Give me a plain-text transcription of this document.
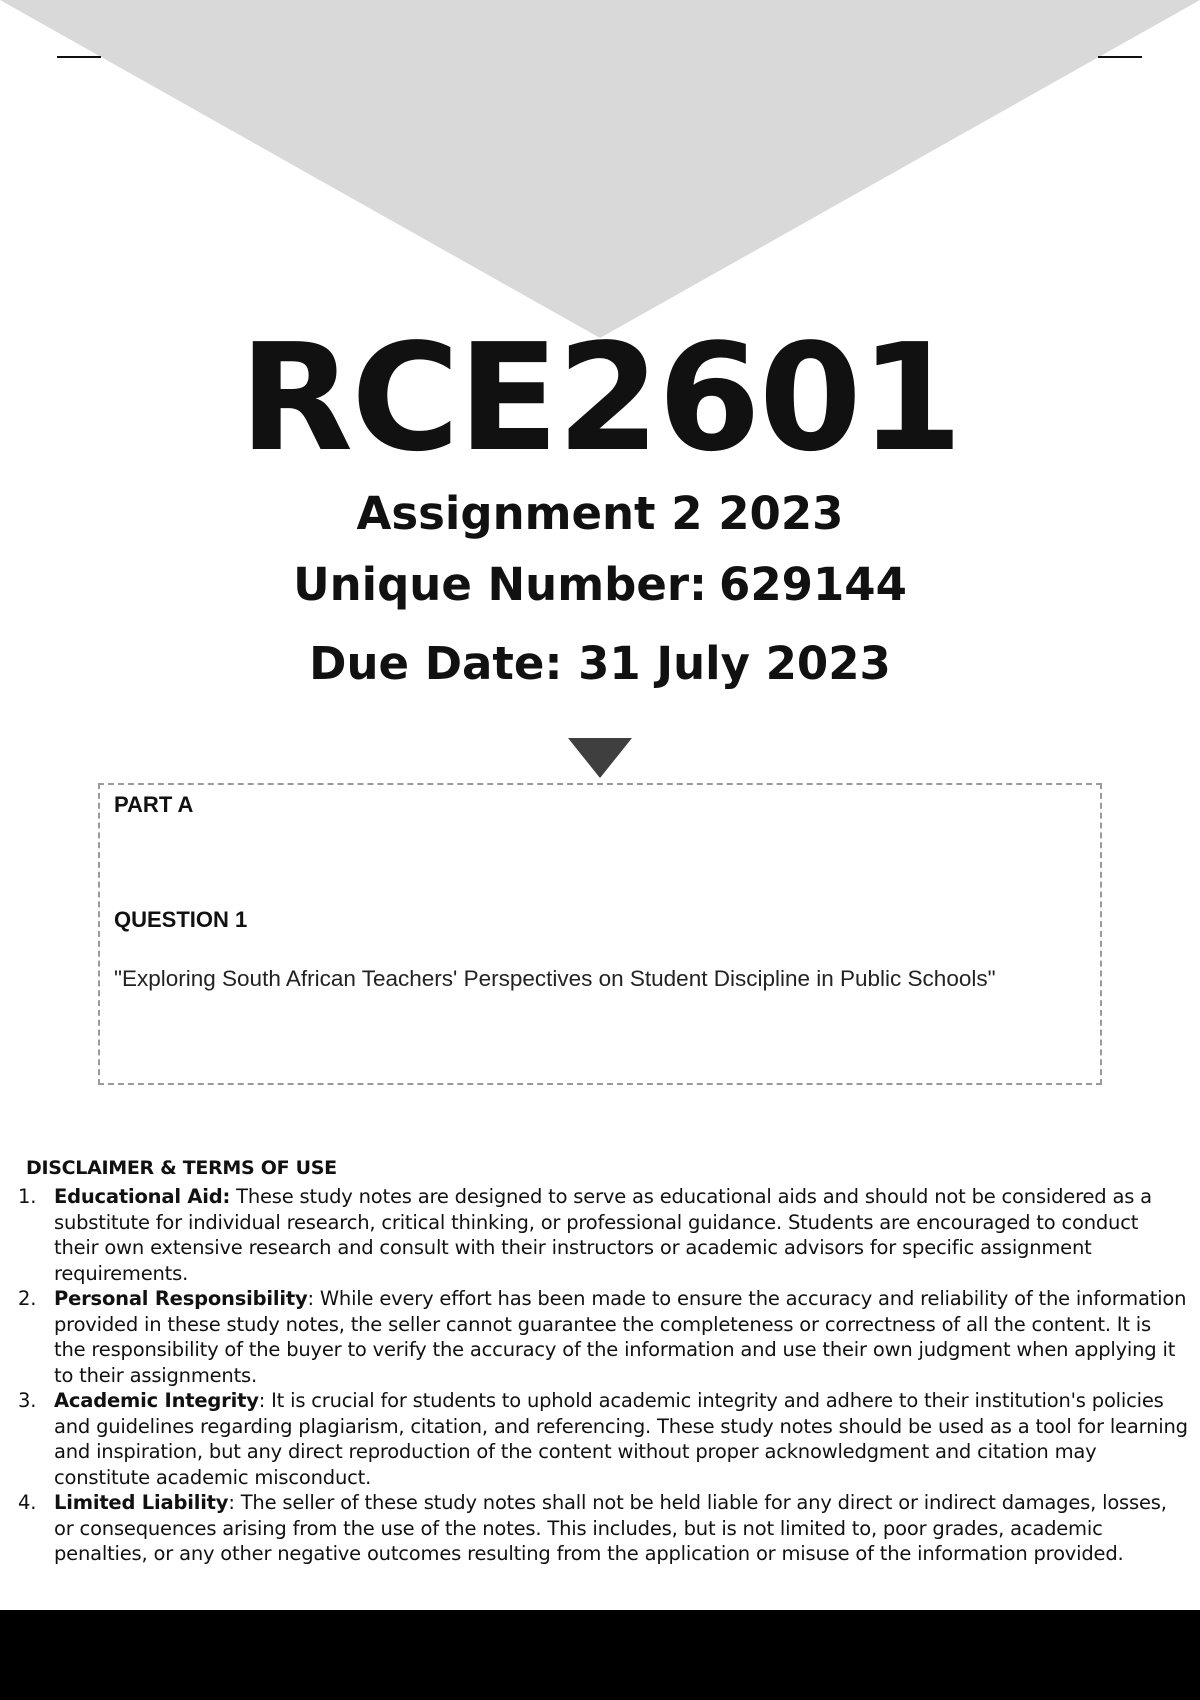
RCE2601
Assignment 2 2023
Unique Number: 629144
Due Date: 31 July 2023
PART A
QUESTION 1
"Exploring South African Teachers' Perspectives on Student Discipline in Public Schools"
DISCLAIMER & TERMS OF USE
1. Educational Aid: These study notes are designed to serve as educational aids and should not be considered as a substitute for individual research, critical thinking, or professional guidance. Students are encouraged to conduct their own extensive research and consult with their instructors or academic advisors for specific assignment requirements.
2. Personal Responsibility: While every effort has been made to ensure the accuracy and reliability of the information provided in these study notes, the seller cannot guarantee the completeness or correctness of all the content. It is the responsibility of the buyer to verify the accuracy of the information and use their own judgment when applying it to their assignments.
3. Academic Integrity: It is crucial for students to uphold academic integrity and adhere to their institution's policies and guidelines regarding plagiarism, citation, and referencing. These study notes should be used as a tool for learning and inspiration, but any direct reproduction of the content without proper acknowledgment and citation may constitute academic misconduct.
4. Limited Liability: The seller of these study notes shall not be held liable for any direct or indirect damages, losses, or consequences arising from the use of the notes. This includes, but is not limited to, poor grades, academic penalties, or any other negative outcomes resulting from the application or misuse of the information provided.
